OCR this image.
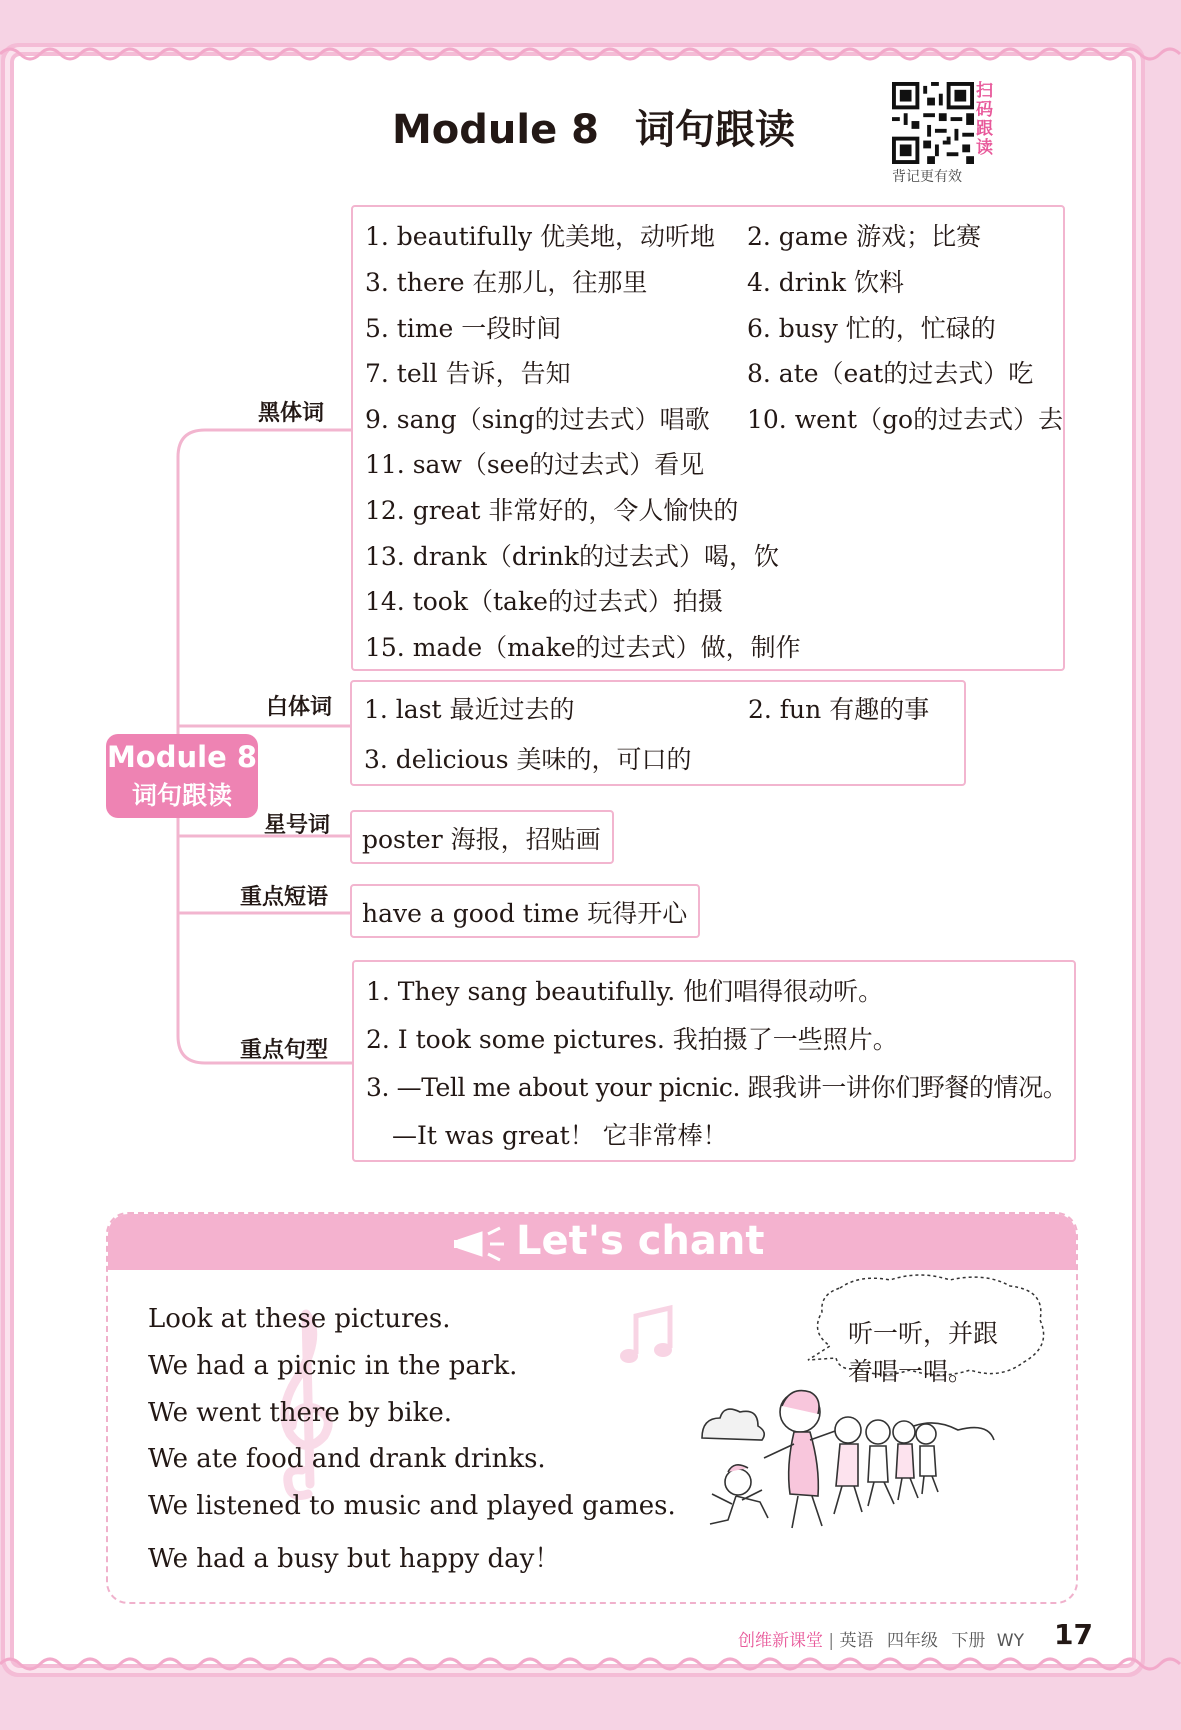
Module 8 词句跟读
扫码跟读
背记更有效
Module 8
词句跟读
黑体词
白体词
星号词
重点短语
重点句型
1. beautifully 优美地，动听地 2. game 游戏；比赛
3. there 在那儿，往那里	4. drink 饮料
5. time 一段时间	6. busy 忙的，忙碌的
7. tell 告诉，告知	8. ate（eat的过去式）吃
9. sang（sing的过去式）唱歌 10. went（go的过去式）去
11. saw（see的过去式）看见
12. great 非常好的，令人愉快的
13. drank（drink的过去式）喝，饮
14. took（take的过去式）拍摄
15. made（make的过去式）做，制作
1. last 最近过去的	2. fun 有趣的事
3. delicious 美味的，可口的
poster 海报，招贴画
have a good time 玩得开心
1. They sang beautifully. 他们唱得很动听。
2. I took some pictures. 我拍摄了一些照片。
3. —Tell me about your picnic. 跟我讲一讲你们野餐的情况。
—It was great！ 它非常棒！
Let's chant
Look at these pictures.
We had a picnic in the park.
We went there by bike.
We ate food and drank drinks.
We listened to music and played games.
We had a busy but happy day！
听一听，并跟
着唱一唱。
创维新课堂 | 英语 四年级 下册 WY 17
